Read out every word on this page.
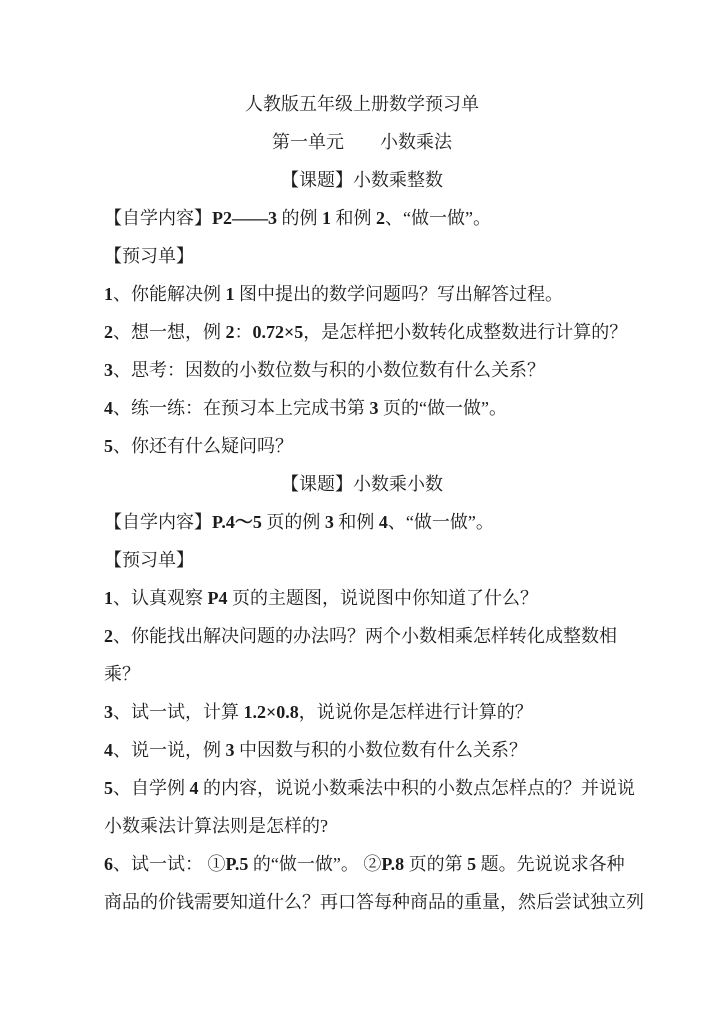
人教版五年级上册数学预习单
第一单元　　小数乘法
【课题】小数乘整数
【自学内容】P2——3 的例 1 和例 2、“做一做”。
【预习单】
1、你能解决例 1 图中提出的数学问题吗？写出解答过程。
2、想一想，例 2：0.72×5，是怎样把小数转化成整数进行计算的？
3、思考：因数的小数位数与积的小数位数有什么关系？
4、练一练：在预习本上完成书第 3 页的“做一做”。
5、你还有什么疑问吗？
【课题】小数乘小数
【自学内容】P.4～5 页的例 3 和例 4、“做一做”。
【预习单】
1、认真观察 P4 页的主题图，说说图中你知道了什么？
2、你能找出解决问题的办法吗？两个小数相乘怎样转化成整数相
乘？
3、试一试，计算 1.2×0.8，说说你是怎样进行计算的？
4、说一说，例 3 中因数与积的小数位数有什么关系？
5、自学例 4 的内容，说说小数乘法中积的小数点怎样点的？并说说
小数乘法计算法则是怎样的?
6、试一试： ①P.5 的“做一做”。 ②P.8 页的第 5 题。先说说求各种
商品的价钱需要知道什么？再口答每种商品的重量，然后尝试独立列
